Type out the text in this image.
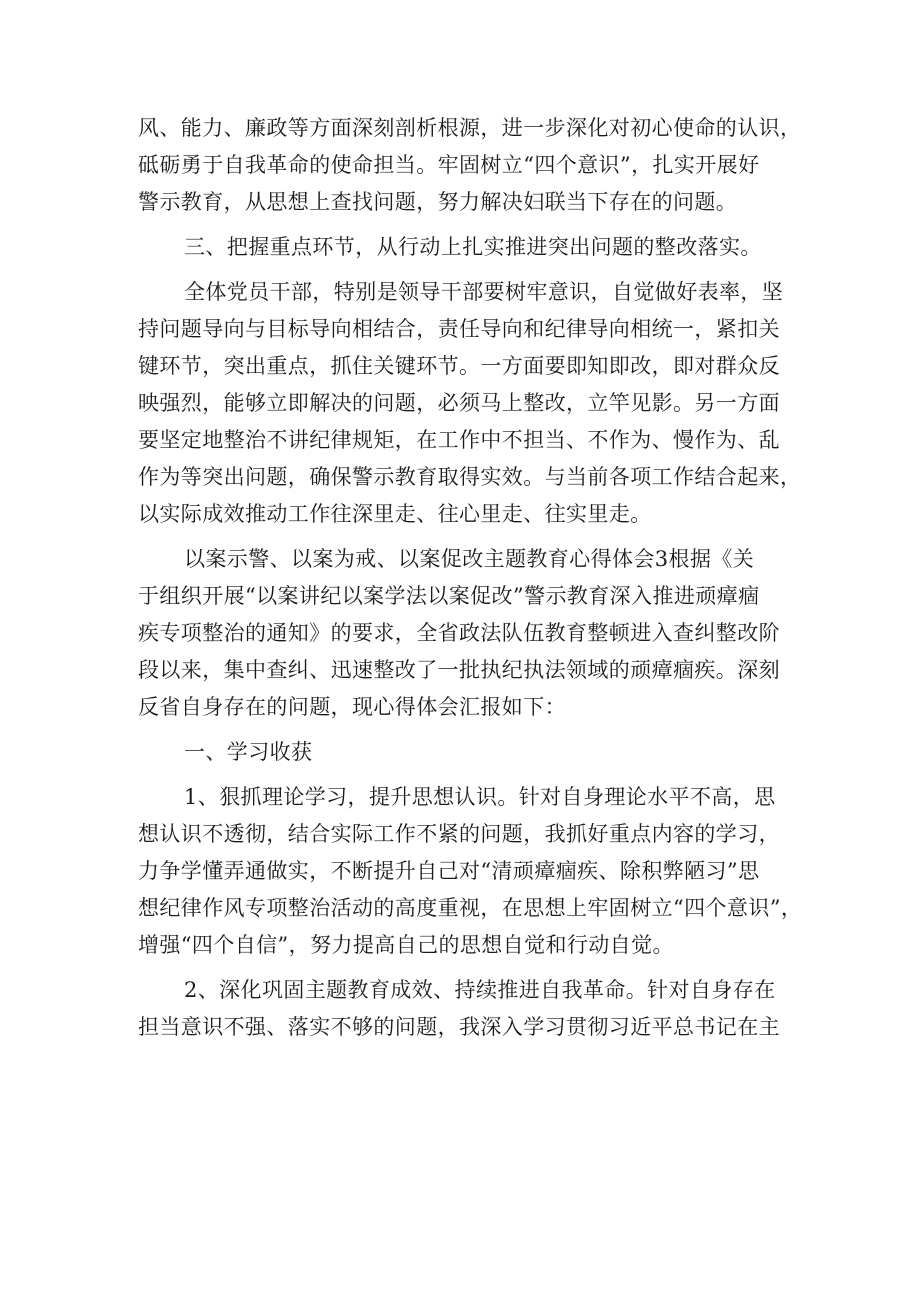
风、能力、廉政等方面深刻剖析根源，进一步深化对初心使命的认识，
砥砺勇于自我革命的使命担当。牢固树立“四个意识”，扎实开展好
警示教育，从思想上查找问题，努力解决妇联当下存在的问题。
三、把握重点环节，从行动上扎实推进突出问题的整改落实。
全体党员干部，特别是领导干部要树牢意识，自觉做好表率，坚
持问题导向与目标导向相结合，责任导向和纪律导向相统一，紧扣关
键环节，突出重点，抓住关键环节。一方面要即知即改，即对群众反
映强烈，能够立即解决的问题，必须马上整改，立竿见影。另一方面
要坚定地整治不讲纪律规矩，在工作中不担当、不作为、慢作为、乱
作为等突出问题，确保警示教育取得实效。与当前各项工作结合起来，
以实际成效推动工作往深里走、往心里走、往实里走。
以案示警、以案为戒、以案促改主题教育心得体会3根据《关
于组织开展“以案讲纪以案学法以案促改”警示教育深入推进顽瘴痼
疾专项整治的通知》的要求，全省政法队伍教育整顿进入查纠整改阶
段以来，集中查纠、迅速整改了一批执纪执法领域的顽瘴痼疾。深刻
反省自身存在的问题，现心得体会汇报如下：
一、学习收获
1、狠抓理论学习，提升思想认识。针对自身理论水平不高，思
想认识不透彻，结合实际工作不紧的问题，我抓好重点内容的学习，
力争学懂弄通做实，不断提升自己对“清顽瘴痼疾、除积弊陋习”思
想纪律作风专项整治活动的高度重视，在思想上牢固树立“四个意识”，
增强“四个自信”，努力提高自己的思想自觉和行动自觉。
2、深化巩固主题教育成效、持续推进自我革命。针对自身存在
担当意识不强、落实不够的问题，我深入学习贯彻习近平总书记在主
